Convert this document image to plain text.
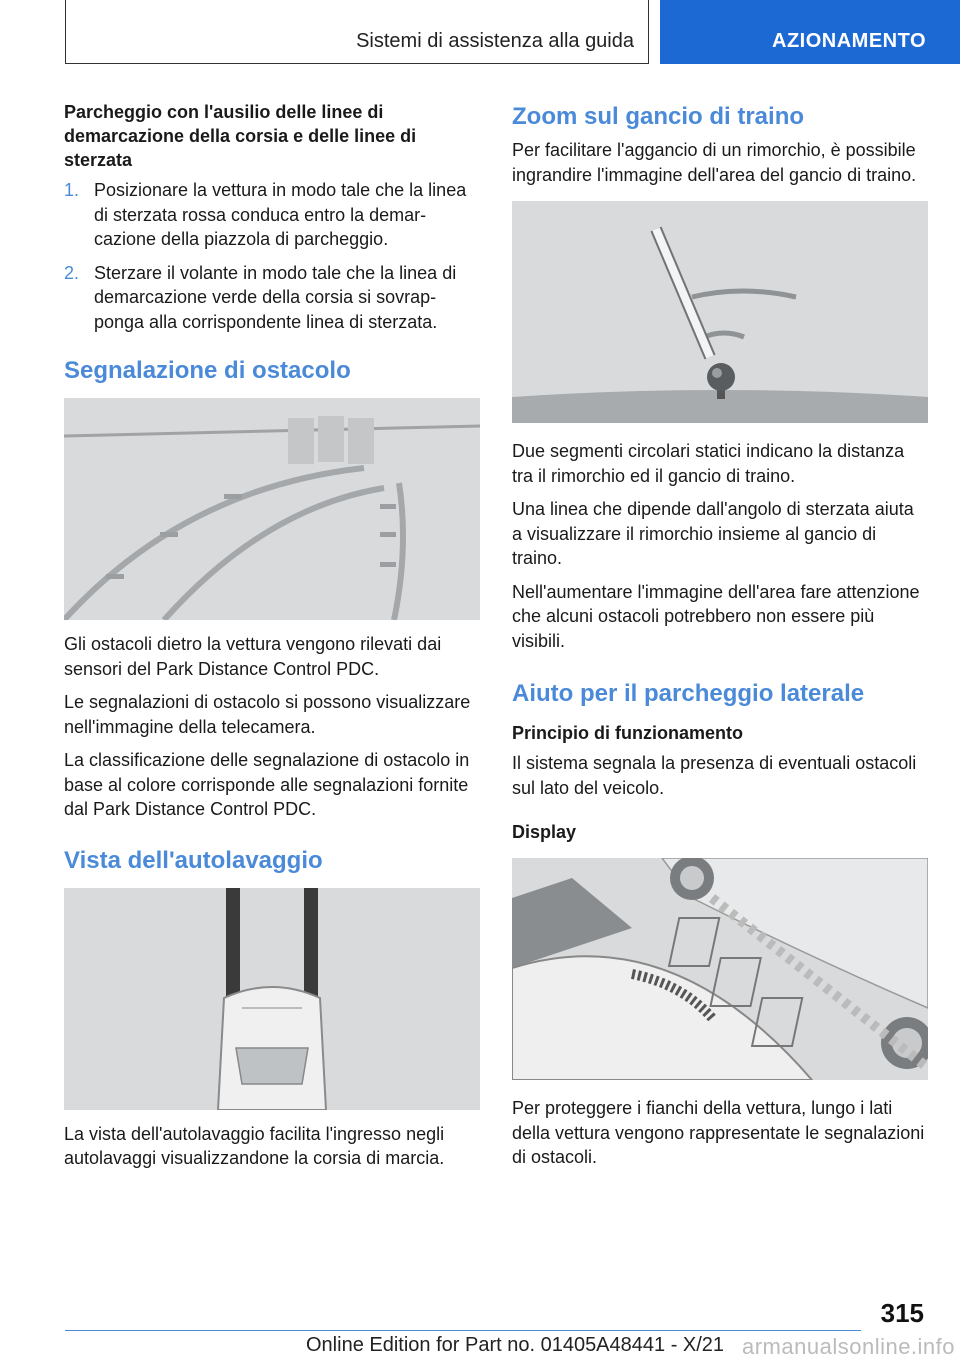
Sistemi di assistenza alla guida	AZIONAMENTO
Parcheggio con l'ausilio delle linee di demarcazione della corsia e delle linee di sterzata
1. Posizionare la vettura in modo tale che la linea di sterzata rossa conduca entro la demarcazione della piazzola di parcheggio.
2. Sterzare il volante in modo tale che la linea di demarcazione verde della corsia si sovrapponga alla corrispondente linea di sterzata.
Segnalazione di ostacolo

Gli ostacoli dietro la vettura vengono rilevati dai sensori del Park Distance Control PDC.

Le segnalazioni di ostacolo si possono visualizzare nell'immagine della telecamera.

La classificazione delle segnalazione di ostacolo in base al colore corrisponde alle segnalazioni fornite dal Park Distance Control PDC.

Vista dell'autolavaggio

La vista dell'autolavaggio facilita l'ingresso negli autolavaggi visualizzandone la corsia di marcia.

Zoom sul gancio di traino

Per facilitare l'aggancio di un rimorchio, è possibile ingrandire l'immagine dell'area del gancio di traino.

Due segmenti circolari statici indicano la distanza tra il rimorchio ed il gancio di traino.

Una linea che dipende dall'angolo di sterzata aiuta a visualizzare il rimorchio insieme al gancio di traino.

Nell'aumentare l'immagine dell'area fare attenzione che alcuni ostacoli potrebbero non essere più visibili.

Aiuto per il parcheggio laterale
Principio di funzionamento

Il sistema segnala la presenza di eventuali ostacoli sul lato del veicolo.

Display

Per proteggere i fianchi della vettura, lungo i lati della vettura vengono rappresentate le segnalazioni di ostacoli.

315
Online Edition for Part no. 01405A48441 - X/21 armanualsonline.info
